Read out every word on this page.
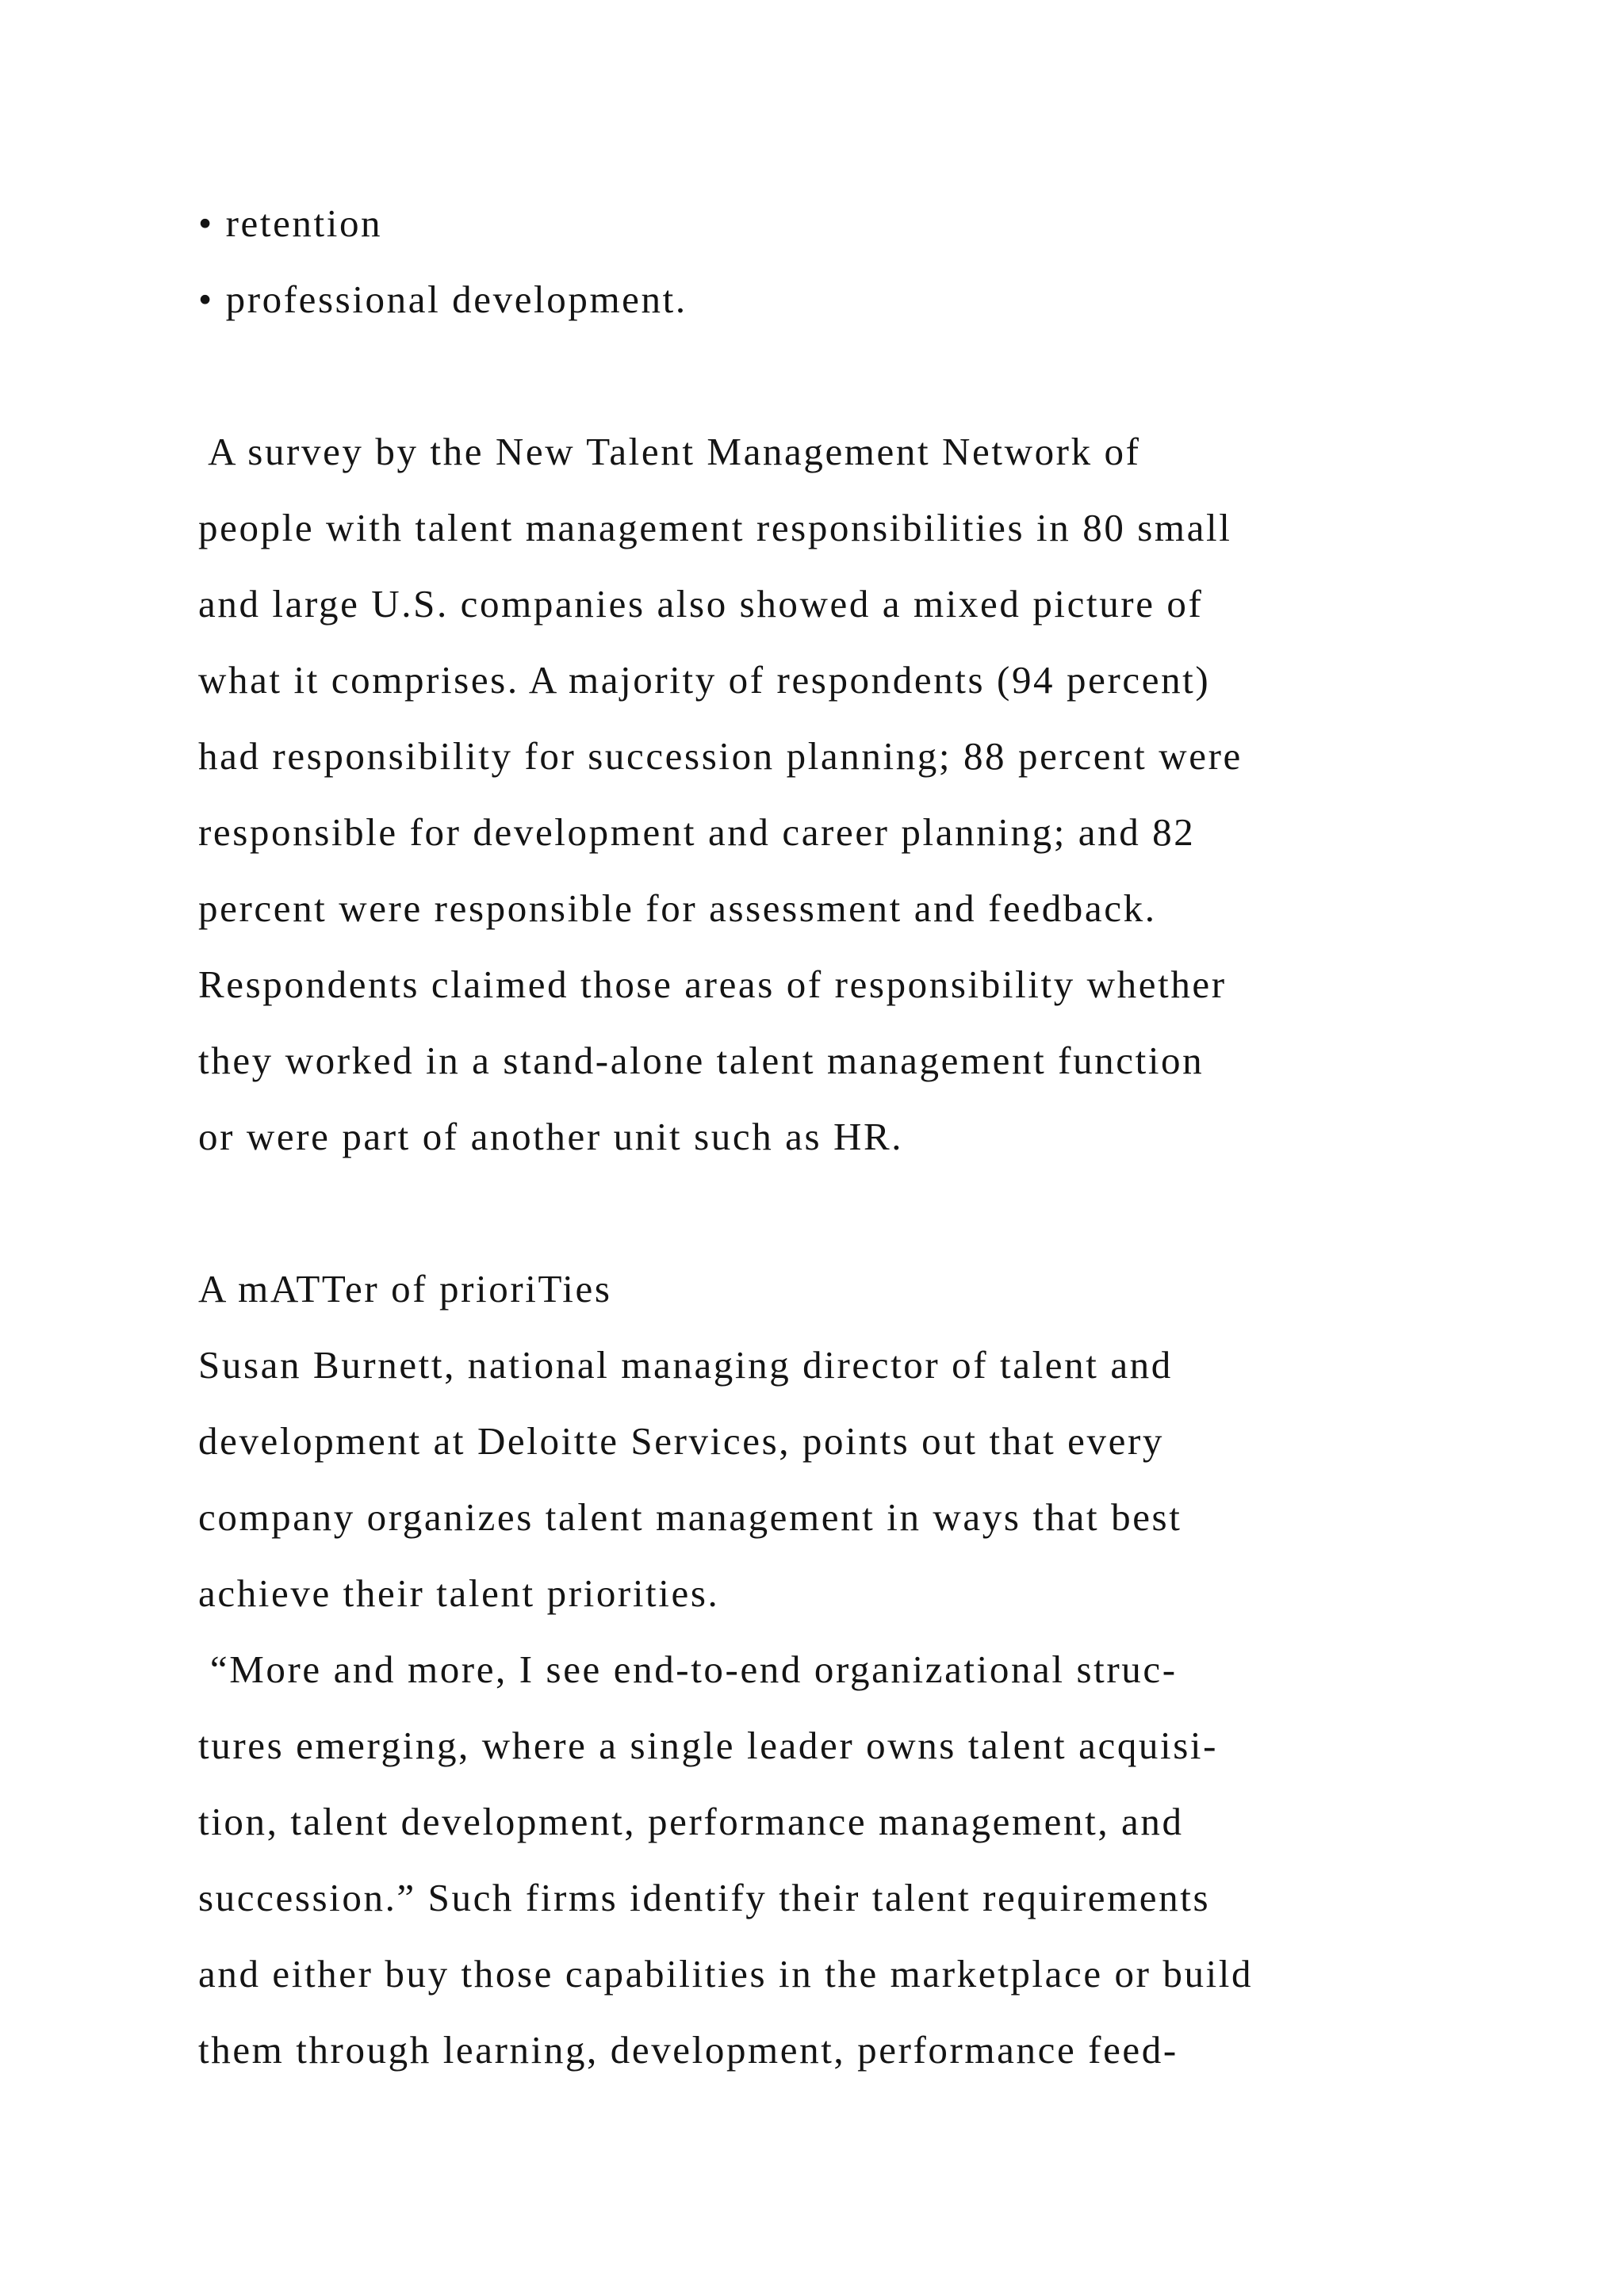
• retention
• professional development.
A survey by the New Talent Management Network of
people with talent management responsibilities in 80 small
and large U.S. companies also showed a mixed picture of
what it comprises. A majority of respondents (94 percent)
had responsibility for succession planning; 88 percent were
responsible for development and career planning; and 82
percent were responsible for assessment and feedback.
Respondents claimed those areas of responsibility whether
they worked in a stand-alone talent management function
or were part of another unit such as HR.
A mATTer of prioriTies
Susan Burnett, national managing director of talent and
development at Deloitte Services, points out that every
company organizes talent management in ways that best
achieve their talent priorities.
“More and more, I see end-to-end organizational struc-
tures emerging, where a single leader owns talent acquisi-
tion, talent development, performance management, and
succession.” Such firms identify their talent requirements
and either buy those capabilities in the marketplace or build
them through learning, development, performance feed-
